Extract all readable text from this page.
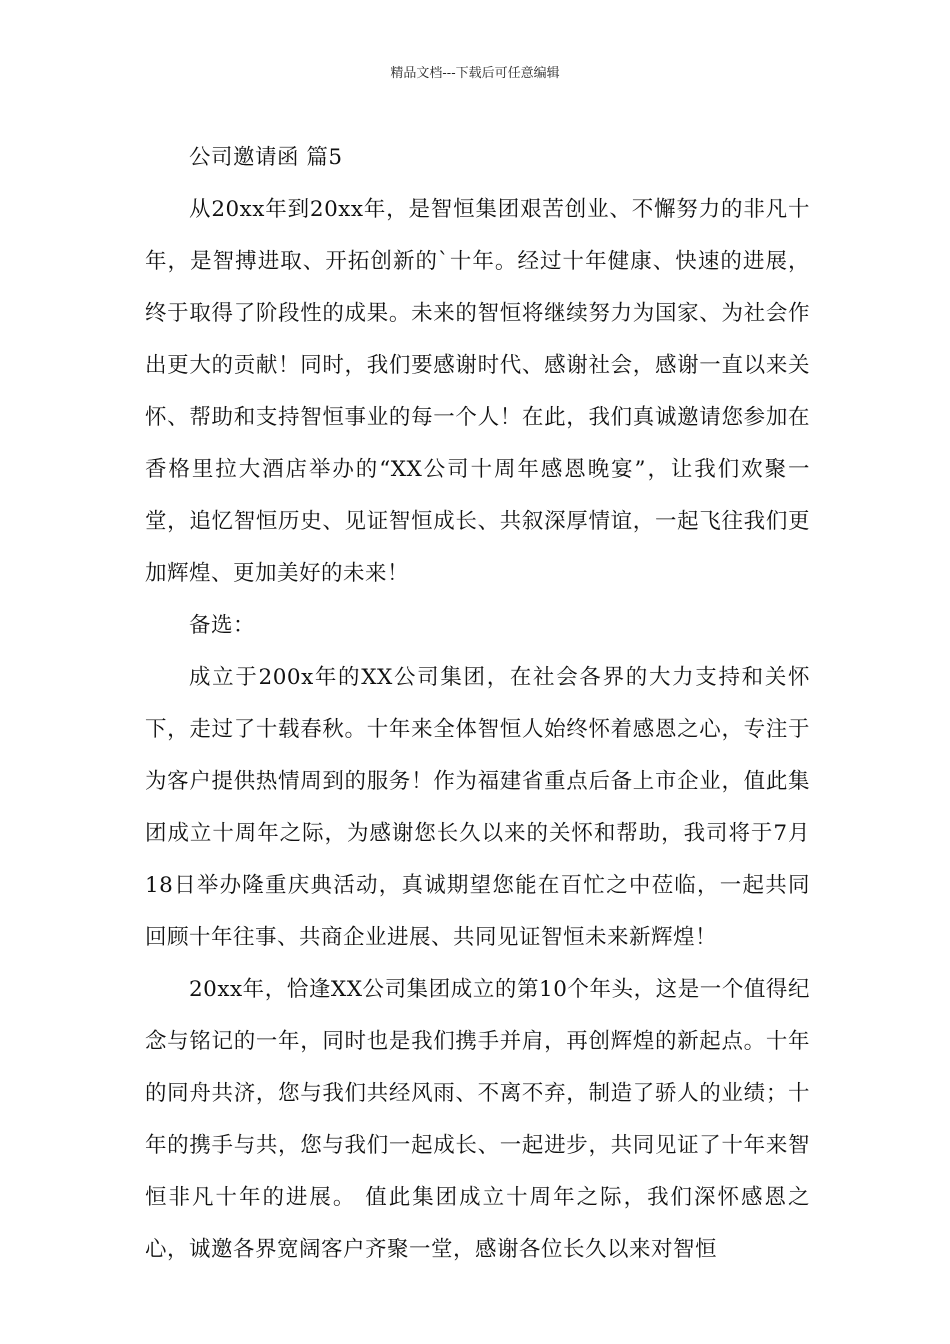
精品文档---下载后可任意编辑

公司邀请函 篇5

从20xx年到20xx年，是智恒集团艰苦创业、不懈努力的非凡十年，是智搏进取、开拓创新的`十年。经过十年健康、快速的进展，终于取得了阶段性的成果。未来的智恒将继续努力为国家、为社会作出更大的贡献！同时，我们要感谢时代、感谢社会，感谢一直以来关怀、帮助和支持智恒事业的每一个人！在此，我们真诚邀请您参加在香格里拉大酒店举办的“XX公司十周年感恩晚宴”，让我们欢聚一堂，追忆智恒历史、见证智恒成长、共叙深厚情谊，一起飞往我们更加辉煌、更加美好的未来！

备选：

成立于200x年的XX公司集团，在社会各界的大力支持和关怀下，走过了十载春秋。十年来全体智恒人始终怀着感恩之心，专注于为客户提供热情周到的服务！作为福建省重点后备上市企业，值此集团成立十周年之际，为感谢您长久以来的关怀和帮助，我司将于7月18日举办隆重庆典活动，真诚期望您能在百忙之中莅临，一起共同回顾十年往事、共商企业进展、共同见证智恒未来新辉煌！

20xx年，恰逢XX公司集团成立的第10个年头，这是一个值得纪念与铭记的一年，同时也是我们携手并肩，再创辉煌的新起点。十年的同舟共济，您与我们共经风雨、不离不弃，制造了骄人的业绩；十年的携手与共，您与我们一起成长、一起进步，共同见证了十年来智恒非凡十年的进展。 值此集团成立十周年之际，我们深怀感恩之心，诚邀各界宽阔客户齐聚一堂，感谢各位长久以来对智恒
